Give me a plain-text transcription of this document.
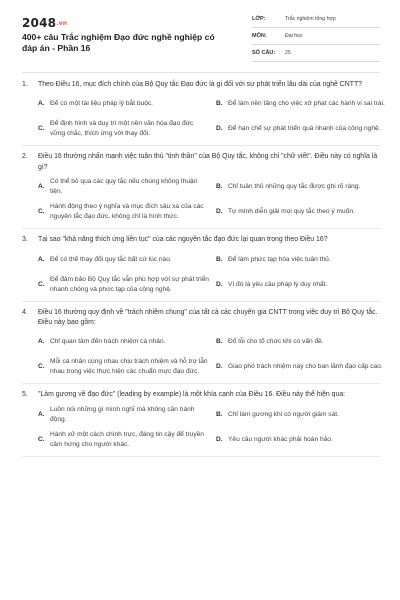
2048.vn
400+ câu Trắc nghiệm Đạo đức nghề nghiệp có đáp án - Phần 16
LỚP:	Trắc nghiệm tổng hợp
MÔN:	Đại học
SỐ CÂU: 25
1.	Theo Điều 16, mục đích chính của Bộ Quy tắc Đạo đức là gì đối với sự phát triển lâu dài của nghề CNTT?
A. Để có một tài liệu pháp lý bắt buộc.	B. Để làm nền tảng cho việc xử phạt các hành vi sai trái.
C.
Để định hình và duy trì một nền văn hóa đạo đức vững chắc, thích ứng với thay đổi.
D. Để hạn chế sự phát triển quá nhanh của công nghệ.
2.	Điều 16 thường nhấn mạnh việc tuân thủ "tinh thần" của Bộ Quy tắc, không chỉ "chữ viết". Điều này có nghĩa là gì?
A.
Có thể bỏ qua các quy tắc nếu chúng không thuận tiện.
B. Chỉ tuân thủ những quy tắc được ghi rõ ràng.
C.
Hành động theo ý nghĩa và mục đích sâu xa của các nguyên tắc đạo đức, không chỉ là hình thức.
D. Tự mình diễn giải mọi quy tắc theo ý muốn.
3.	Tại sao "khả năng thích ứng liên tục" của các nguyên tắc đạo đức lại quan trọng theo Điều 16?
A. Để có thể thay đổi quy tắc bất cứ lúc nào.	B. Để làm phức tạp hóa việc tuân thủ.
C.
Để đảm bảo Bộ Quy tắc vẫn phù hợp với sự phát triển nhanh chóng và phức tạp của công nghệ.
D. Vì đó là yêu cầu pháp lý duy nhất.
4.	Điều 16 thường quy định về "trách nhiệm chung" của tất cả các chuyên gia CNTT trong việc duy trì Bộ Quy tắc. Điều này bao gồm:
A. Chỉ quan tâm đến trách nhiệm cá nhân.	B. Đổ lỗi cho tổ chức khi có vấn đề.
C.
Mỗi cá nhân cùng nhau chịu trách nhiệm và hỗ trợ lẫn nhau trong việc thực hiện các chuẩn mực đạo đức.
D. Giao phó trách nhiệm này cho ban lãnh đạo cấp cao.
5.	"Làm gương về đạo đức" (leading by example) là một khía cạnh của Điều 16. Điều này thể hiện qua:
A.
Luôn nói những gì mình nghĩ mà không cần hành động.
B. Chỉ làm gương khi có người giám sát.
C.
Hành xử một cách chính trực, đáng tin cậy để truyền cảm hứng cho người khác.
D. Yêu cầu người khác phải hoàn hảo.
